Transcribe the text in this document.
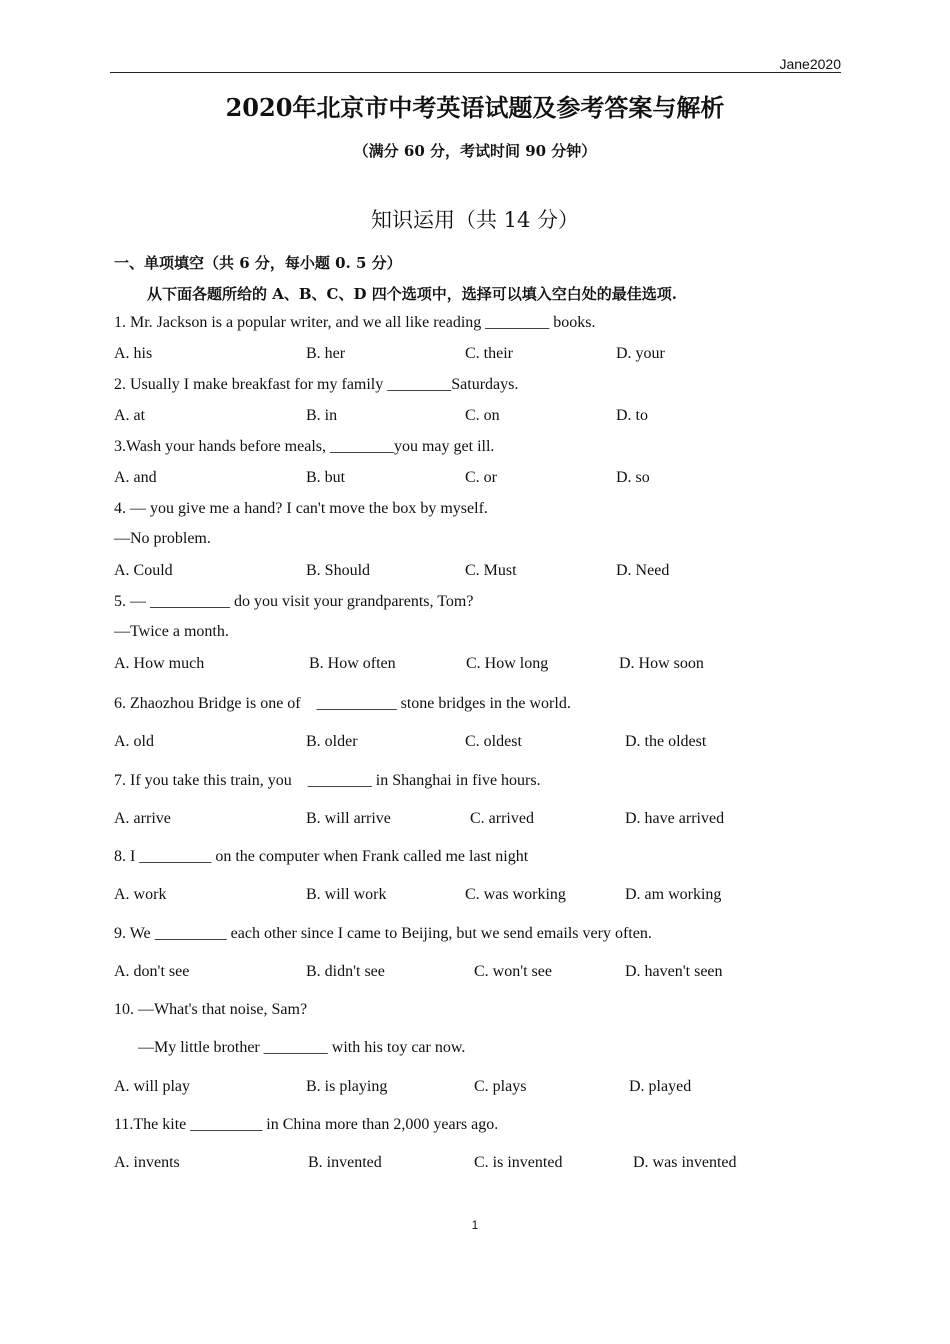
Jane2020
2020年北京市中考英语试题及参考答案与解析
（满分 60 分，考试时间 90 分钟）
知识运用（共 14 分）
一、单项填空（共 6 分，每小题 0. 5 分）
从下面各题所给的 A、B、C、D 四个选项中，选择可以填入空白处的最佳选项.
1. Mr. Jackson is a popular writer, and we all like reading ________ books.
A. his	B. her	C. their	D. your
2. Usually I make breakfast for my family ________Saturdays.
A. at	B. in	C. on	D. to
3.Wash your hands before meals, ________you may get ill.
A. and	B. but	C. or	D. so
4. — you give me a hand? I can't move the box by myself.
—No problem.
A. Could	B. Should	C. Must	D. Need
5. — __________ do you visit your grandparents, Tom?
—Twice a month.
A. How much	B. How often	C. How long	D. How soon
6. Zhaozhou Bridge is one of    __________ stone bridges in the world.
A. old	B. older	C. oldest	D. the oldest
7. If you take this train, you    ________ in Shanghai in five hours.
A. arrive	B. will arrive	C. arrived	D. have arrived
8. I _________ on the computer when Frank called me last night
A. work	B. will work	C. was working	D. am working
9. We _________ each other since I came to Beijing, but we send emails very often.
A. don't see	B. didn't see	C. won't see	D. haven't seen
10. —What's that noise, Sam?
—My little brother ________ with his toy car now.
A. will play	B. is playing	C. plays	D. played
11.The kite _________ in China more than 2,000 years ago.
A. invents	B. invented	C. is invented	D. was invented
1
